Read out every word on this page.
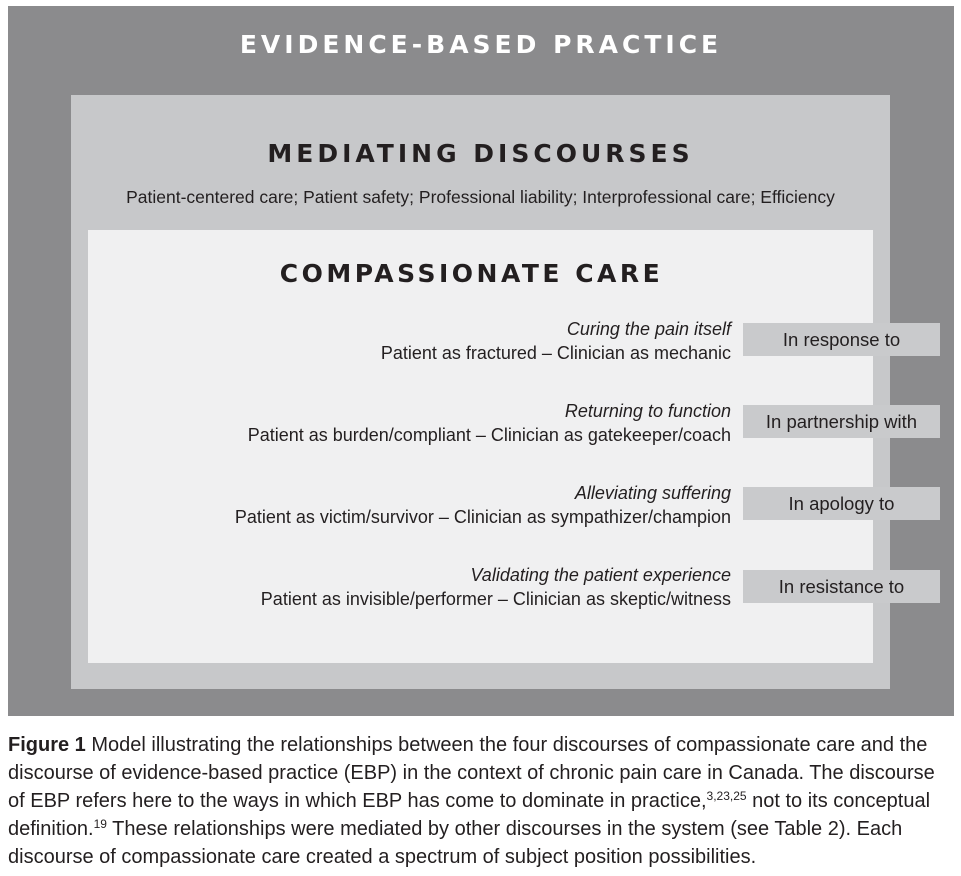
EVIDENCE-BASED PRACTICE
MEDIATING DISCOURSES
Patient-centered care; Patient safety; Professional liability; Interprofessional care; Efficiency
COMPASSIONATE CARE
Curing the pain itself
Patient as fractured – Clinician as mechanic
In response to
Returning to function
Patient as burden/compliant – Clinician as gatekeeper/coach
In partnership with
Alleviating suffering
Patient as victim/survivor – Clinician as sympathizer/champion
In apology to
Validating the patient experience
Patient as invisible/performer – Clinician as skeptic/witness
In resistance to
Figure 1 Model illustrating the relationships between the four discourses of compassionate care and the discourse of evidence-based practice (EBP) in the context of chronic pain care in Canada. The discourse of EBP refers here to the ways in which EBP has come to dominate in practice,$^{3,23,25}$ not to its conceptual definition.$^{19}$ These relationships were mediated by other discourses in the system (see Table 2). Each discourse of compassionate care created a spectrum of subject position possibilities.
